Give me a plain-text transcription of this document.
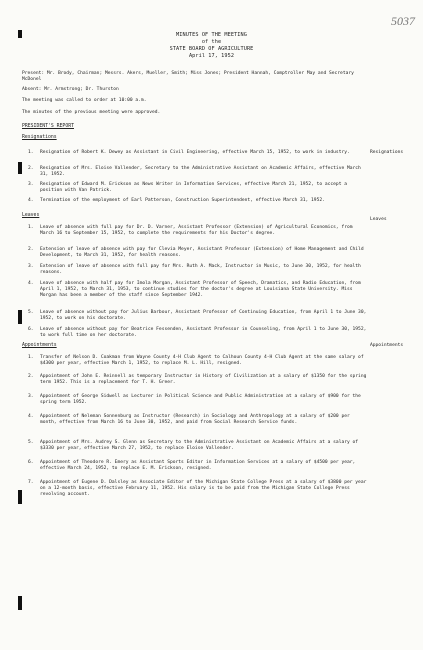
5037
MINUTES OF THE MEETING
of the
STATE BOARD OF AGRICULTURE
April 17, 1952
Present: Mr. Brody, Chairman; Messrs. Akers, Mueller, Smith; Miss Jones; President Hannah, Comptroller May and Secretary McDonel
Absent: Mr. Armstrong; Dr. Thurston
The meeting was called to order at 10:00 a.m.
The minutes of the previous meeting were approved.
PRESIDENT'S REPORT
Resignations
Resignations
1. Resignation of Robert K. Dewey as Assistant in Civil Engineering, effective March 15, 1952, to work in industry.
2. Resignation of Mrs. Eloise Vallender, Secretary to the Administrative Assistant on Academic Affairs, effective March 31, 1952.
3. Resignation of Edward M. Erickson as News Writer in Information Services, effective March 21, 1952, to accept a position with Van Patrick.
4. Termination of the employment of Earl Patterson, Construction Superintendent, effective March 31, 1952.
Leaves
Leaves
1. Leave of absence with full pay for Dr. D. Varner, Assistant Professor (Extension) of Agricultural Economics, from March 16 to September 15, 1952, to complete the requirements for his Doctor's degree.
2. Extension of leave of absence with pay for Clevia Meyer, Assistant Professor (Extension) of Home Management and Child Development, to March 31, 1952, for health reasons.
3. Extension of leave of absence with full pay for Mrs. Ruth A. Mack, Instructor in Music, to June 30, 1952, for health reasons.
4. Leave of absence with half pay for Imola Morgan, Assistant Professor of Speech, Dramatics, and Radio Education, from April 1, 1952, to March 31, 1953, to continue studies for the doctor's degree at Louisiana State University. Miss Morgan has been a member of the staff since September 1942.
5. Leave of absence without pay for Julius Barbour, Assistant Professor of Continuing Education, from April 1 to June 30, 1952, to work on his doctorate.
6. Leave of absence without pay for Beatrice Fessenden, Assistant Professor in Counseling, from April 1 to June 30, 1952, to work full time on her doctorate.
Appointments	Appointments
1. Transfer of Nelson D. Coakman from Wayne County 4-H Club Agent to Calhoun County 4-H Club Agent at the same salary of $4300 per year, effective March 1, 1952, to replace M. L. Hill, resigned.
2. Appointment of John E. Reinnell as temporary Instructor in History of Civilization at a salary of $1350 for the spring term 1952. This is a replacement for T. H. Greer.
3. Appointment of George Sidwell as Lecturer in Political Science and Public Administration at a salary of $900 for the spring term 1952.
4. Appointment of Neleman Sonnenburg as Instructor (Research) in Sociology and Anthropology at a salary of $200 per month, effective from March 16 to June 30, 1952, and paid from Social Research Service funds.
5. Appointment of Mrs. Audrey S. Glenn as Secretary to the Administrative Assistant on Academic Affairs at a salary of $3330 per year, effective March 27, 1952, to replace Eloise Vallender.
6. Appointment of Theodore R. Emery as Assistant Sports Editor in Information Services at a salary of $4500 per year, effective March 24, 1952, to replace E. M. Erickson, resigned.
7. Appointment of Eugene D. Dalsley as Associate Editor of the Michigan State College Press at a salary of $3800 per year on a 12-month basis, effective February 11, 1952. His salary is to be paid from the Michigan State College Press revolving account.
